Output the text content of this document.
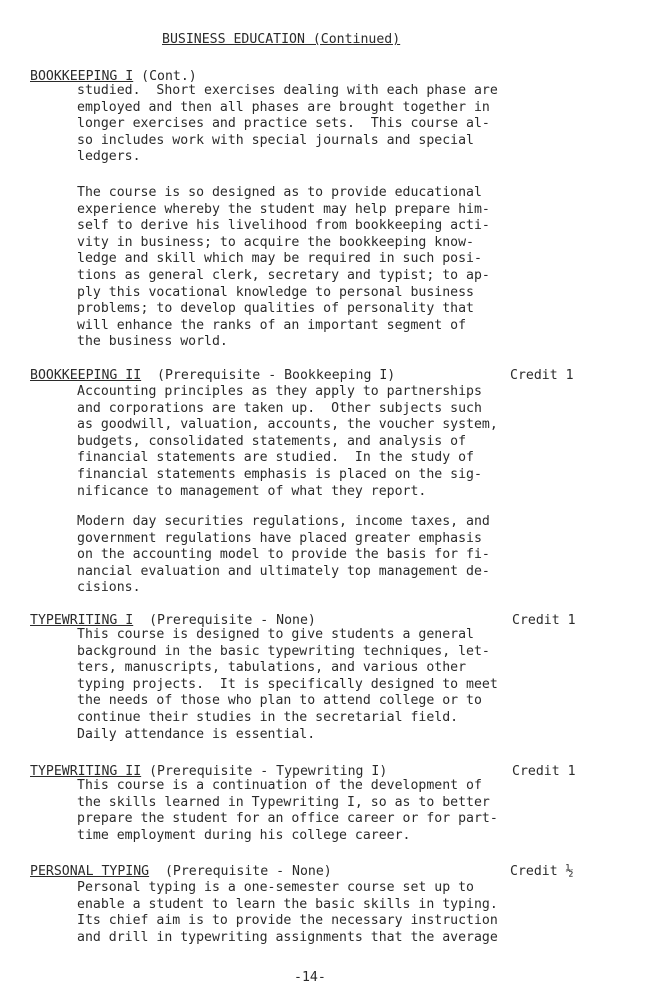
BUSINESS EDUCATION (Continued)
BOOKKEEPING I (Cont.)
studied.  Short exercises dealing with each phase are
employed and then all phases are brought together in
longer exercises and practice sets.  This course al-
so includes work with special journals and special
ledgers.
The course is so designed as to provide educational
experience whereby the student may help prepare him-
self to derive his livelihood from bookkeeping acti-
vity in business; to acquire the bookkeeping know-
ledge and skill which may be required in such posi-
tions as general clerk, secretary and typist; to ap-
ply this vocational knowledge to personal business
problems; to develop qualities of personality that
will enhance the ranks of an important segment of
the business world.
BOOKKEEPING II  (Prerequisite - Bookkeeping I)	Credit 1
Accounting principles as they apply to partnerships
and corporations are taken up.  Other subjects such
as goodwill, valuation, accounts, the voucher system,
budgets, consolidated statements, and analysis of
financial statements are studied.  In the study of
financial statements emphasis is placed on the sig-
nificance to management of what they report.
Modern day securities regulations, income taxes, and
government regulations have placed greater emphasis
on the accounting model to provide the basis for fi-
nancial evaluation and ultimately top management de-
cisions.
TYPEWRITING I  (Prerequisite - None)	Credit 1
This course is designed to give students a general
background in the basic typewriting techniques, let-
ters, manuscripts, tabulations, and various other
typing projects.  It is specifically designed to meet
the needs of those who plan to attend college or to
continue their studies in the secretarial field.
Daily attendance is essential.
TYPEWRITING II (Prerequisite - Typewriting I)	Credit 1
This course is a continuation of the development of
the skills learned in Typewriting I, so as to better
prepare the student for an office career or for part-
time employment during his college career.
PERSONAL TYPING  (Prerequisite - None)	Credit ½
Personal typing is a one-semester course set up to
enable a student to learn the basic skills in typing.
Its chief aim is to provide the necessary instruction
and drill in typewriting assignments that the average
-14-
